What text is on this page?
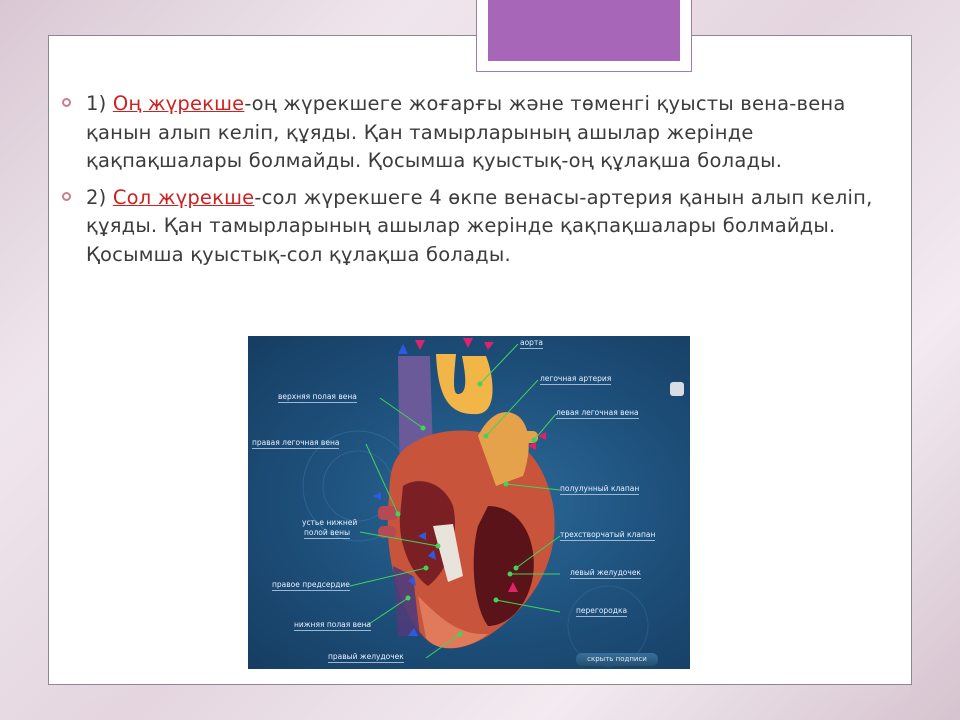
1) Оң жүрекше-оң жүрекшеге жоғарғы және төменгі қуысты вена-вена қанын алып келіп, құяды. Қан тамырларының ашылар жерінде қақпақшалары болмайды. Қосымша қуыстық-оң құлақша болады.
2) Сол жүрекше-сол жүрекшеге 4 өкпе венасы-артерия қанын алып келіп, құяды. Қан тамырларының ашылар жерінде қақпақшалары болмайды. Қосымша қуыстық-сол құлақша болады.
аорта
легочная артерия
левая легочная вена
полулунный клапан
трехстворчатый клапан
левый желудочек
перегородка
верхняя полая вена
правая легочная вена
устье нижней
полой вены
правое предсердие
нижняя полая вена
правый желудочек	скрыть подписи
